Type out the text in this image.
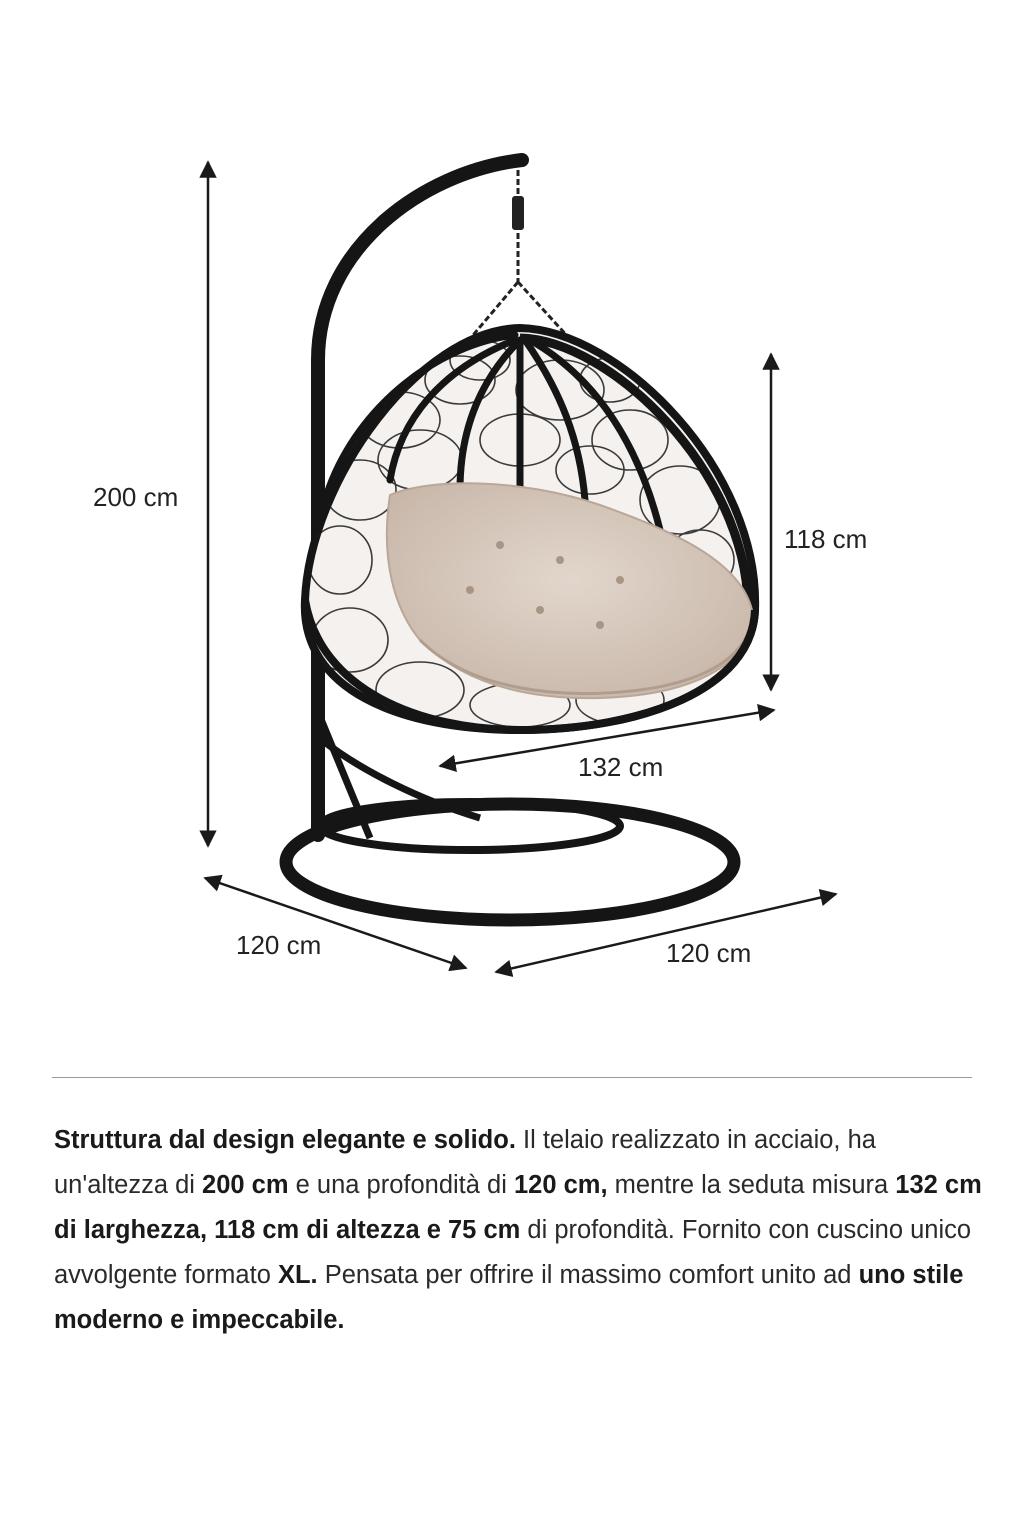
200 cm
118 cm
132 cm
120 cm	120 cm
Struttura dal design elegante e solido. Il telaio realizzato in acciaio, ha un'altezza di 200 cm e una profondità di 120 cm, mentre la seduta misura 132 cm di larghezza, 118 cm di altezza e 75 cm di profondità. Fornito con cuscino unico avvolgente formato XL. Pensata per offrire il massimo comfort unito ad uno stile moderno e impeccabile.
